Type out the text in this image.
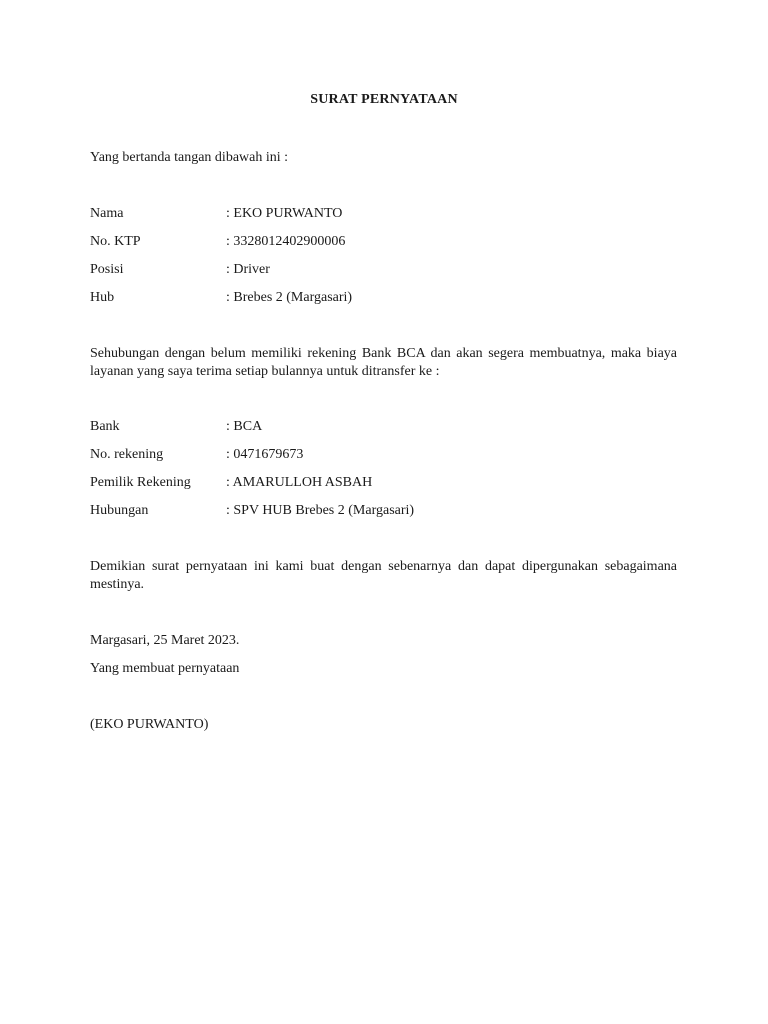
SURAT PERNYATAAN
Yang bertanda tangan dibawah ini :
Nama	: EKO PURWANTO
No. KTP	: 3328012402900006
Posisi	: Driver
Hub	: Brebes 2 (Margasari)
Sehubungan dengan belum memiliki rekening Bank BCA dan akan segera membuatnya, maka biaya layanan yang saya terima setiap bulannya untuk ditransfer ke :
Bank	: BCA
No. rekening	: 0471679673
Pemilik Rekening	: AMARULLOH ASBAH
Hubungan	: SPV HUB Brebes 2 (Margasari)
Demikian surat pernyataan ini kami buat dengan sebenarnya dan dapat dipergunakan sebagaimana mestinya.
Margasari, 25 Maret 2023.
Yang membuat pernyataan
(EKO PURWANTO)
